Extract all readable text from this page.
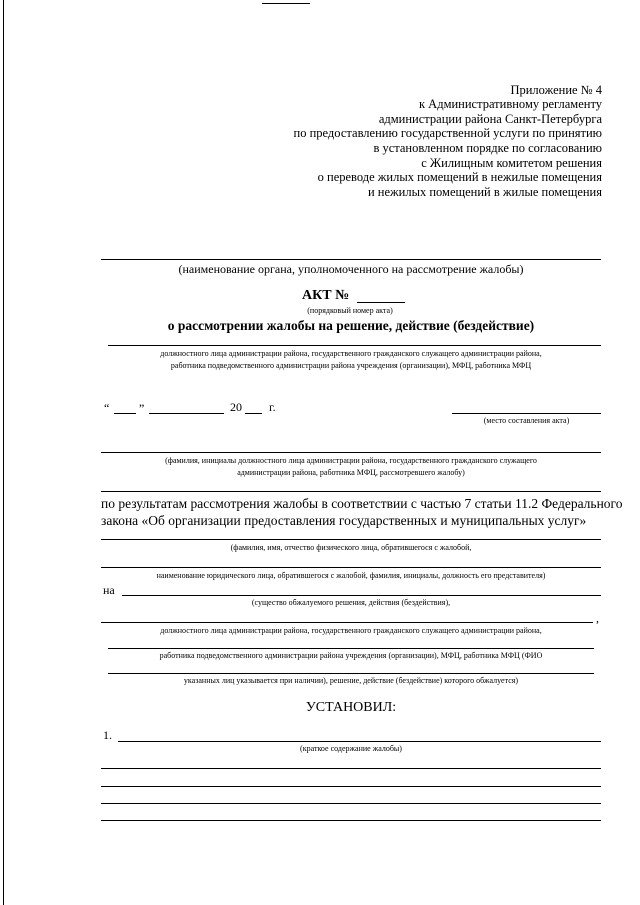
Приложение № 4
к Административному регламенту
администрации района Санкт-Петербурга
по предоставлению государственной услуги по принятию
в установленном порядке по согласованию
с Жилищным комитетом решения
о переводе жилых помещений в нежилые помещения
и нежилых помещений в жилые помещения
(наименование органа, уполномоченного на рассмотрение жалобы)
АКТ №
(порядковый номер акта)
о рассмотрении жалобы на решение, действие (бездействие)
должностного лица администрации района, государственного гражданского служащего администрации района,
работника подведомственного администрации района учреждения (организации), МФЦ, работника МФЦ
“ ”	20 г.
(место составления акта)
(фамилия, инициалы должностного лица администрации района, государственного гражданского служащего
администрации района, работника МФЦ, рассмотревшего жалобу)
по результатам рассмотрения жалобы в соответствии с частью 7 статьи 11.2 Федерального
закона «Об организации предоставления государственных и муниципальных услуг»
(фамилия, имя, отчество физического лица, обратившегося с жалобой,
наименование юридического лица, обратившегося с жалобой, фамилия, инициалы, должность его представителя)
на
(существо обжалуемого решения, действия (бездействия),
,
должностного лица администрации района, государственного гражданского служащего администрации района,
работника подведомственного администрации района учреждения (организации), МФЦ, работника МФЦ (ФИО
указанных лиц указывается при наличии), решение, действие (бездействие) которого обжалуется)
УСТАНОВИЛ:
1.
(краткое содержание жалобы)
